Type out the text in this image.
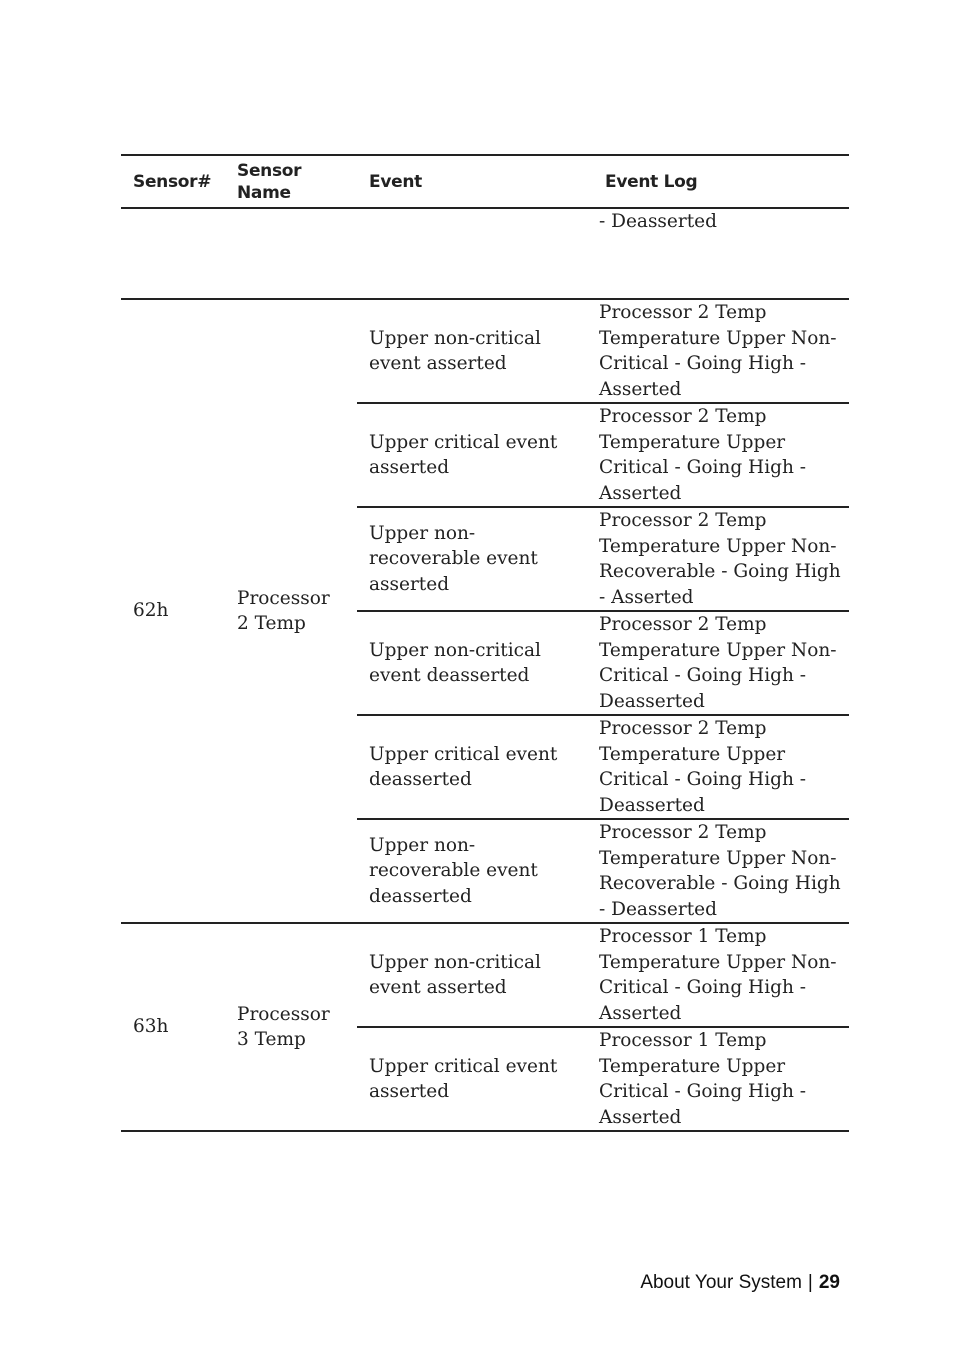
Sensor#	Sensor Name	Event	Event Log
			- Deasserted
62h	Processor 2 Temp	Upper non-critical event asserted	Processor 2 Temp Temperature Upper Non-Critical - Going High - Asserted
		Upper critical event asserted	Processor 2 Temp Temperature Upper Critical - Going High - Asserted
		Upper non-recoverable event asserted	Processor 2 Temp Temperature Upper Non-Recoverable - Going High - Asserted
		Upper non-critical event deasserted	Processor 2 Temp Temperature Upper Non-Critical - Going High - Deasserted
		Upper critical event deasserted	Processor 2 Temp Temperature Upper Critical - Going High - Deasserted
		Upper non-recoverable event deasserted	Processor 2 Temp Temperature Upper Non-Recoverable - Going High - Deasserted
63h	Processor 3 Temp	Upper non-critical event asserted	Processor 1 Temp Temperature Upper Non-Critical - Going High - Asserted
		Upper critical event asserted	Processor 1 Temp Temperature Upper Critical - Going High - Asserted
About Your System | 29
